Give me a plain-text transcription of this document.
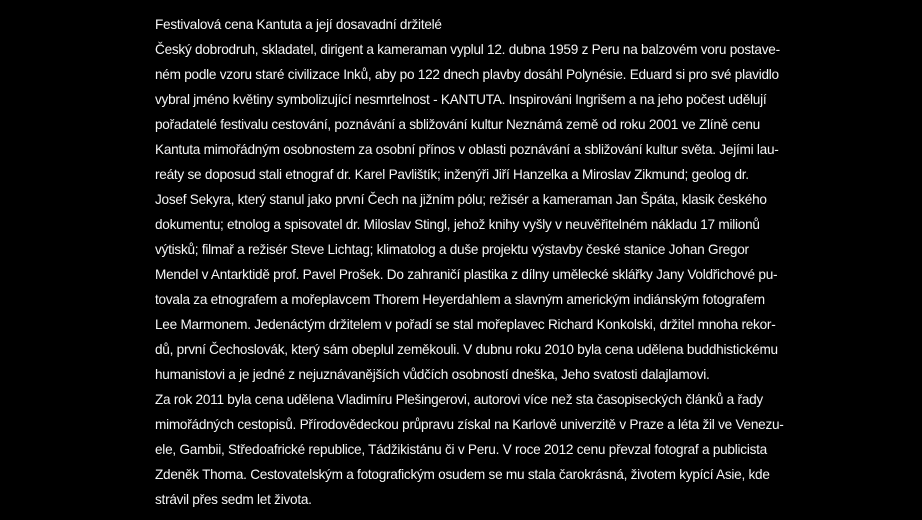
Festivalová cena Kantuta a její dosavadní držitelé
Český dobrodruh, skladatel, dirigent a kameraman vyplul 12. dubna 1959 z Peru na balzovém voru postave-
ném podle vzoru staré civilizace Inků, aby po 122 dnech plavby dosáhl Polynésie. Eduard si pro své plavidlo
vybral jméno květiny symbolizující nesmrtelnost - KANTUTA. Inspirováni Ingrišem a na jeho počest udělují
pořadatelé festivalu cestování, poznávání a sbližování kultur Neznámá země od roku 2001 ve Zlíně cenu
Kantuta mimořádným osobnostem za osobní přínos v oblasti poznávání a sbližování kultur světa. Jejími lau-
reáty se doposud stali etnograf dr. Karel Pavlištík; inženýři Jiří Hanzelka a Miroslav Zikmund; geolog dr.
Josef Sekyra, který stanul jako první Čech na jižním pólu; režisér a kameraman Jan Špáta, klasik českého
dokumentu; etnolog a spisovatel dr. Miloslav Stingl, jehož knihy vyšly v neuvěřitelném nákladu 17 milionů
výtisků; filmař a režisér Steve Lichtag; klimatolog a duše projektu výstavby české stanice Johan Gregor
Mendel v Antarktidě prof. Pavel Prošek. Do zahraničí plastika z dílny umělecké sklářky Jany Voldřichové pu-
tovala za etnografem a mořeplavcem Thorem Heyerdahlem a slavným americkým indiánským fotografem
Lee Marmonem. Jedenáctým držitelem v pořadí se stal mořeplavec Richard Konkolski, držitel mnoha rekor-
dů, první Čechoslovák, který sám obeplul zeměkouli. V dubnu roku 2010 byla cena udělena buddhistickému
humanistovi a je jedné z nejuznávanějších vůdčích osobností dneška, Jeho svatosti dalajlamovi.
Za rok 2011 byla cena udělena Vladimíru Plešingerovi, autorovi více než sta časopiseckých článků a řady
mimořádných cestopisů. Přírodovědeckou průpravu získal na Karlově univerzitě v Praze a léta žil ve Venezu-
ele, Gambii, Středoafrické republice, Tádžikistánu či v Peru. V roce 2012 cenu převzal fotograf a publicista
Zdeněk Thoma. Cestovatelským a fotografickým osudem se mu stala čarokrásná, životem kypící Asie, kde
strávil přes sedm let života.
